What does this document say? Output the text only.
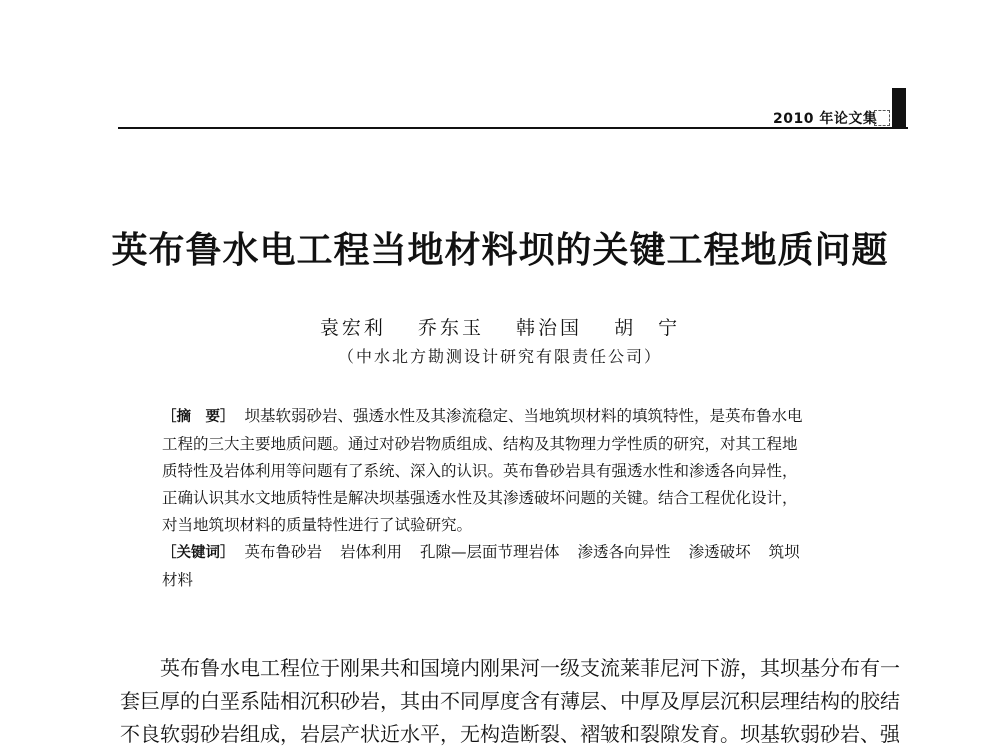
2010 年论文集
英布鲁水电工程当地材料坝的关键工程地质问题
袁宏利 乔东玉 韩治国 胡　宁
（中水北方勘测设计研究有限责任公司）
［摘　要］ 坝基软弱砂岩、强透水性及其渗流稳定、当地筑坝材料的填筑特性，是英布鲁水电
工程的三大主要地质问题。通过对砂岩物质组成、结构及其物理力学性质的研究，对其工程地
质特性及岩体利用等问题有了系统、深入的认识。英布鲁砂岩具有强透水性和渗透各向异性，
正确认识其水文地质特性是解决坝基强透水性及其渗透破坏问题的关键。结合工程优化设计，
对当地筑坝材料的质量特性进行了试验研究。
［关键词］ 英布鲁砂岩 岩体利用 孔隙—层面节理岩体 渗透各向异性 渗透破坏 筑坝
材料
英布鲁水电工程位于刚果共和国境内刚果河一级支流莱菲尼河下游，其坝基分布有一
套巨厚的白垩系陆相沉积砂岩，其由不同厚度含有薄层、中厚及厚层沉积层理结构的胶结
不良软弱砂岩组成，岩层产状近水平，无构造断裂、褶皱和裂隙发育。坝基软弱砂岩、强
